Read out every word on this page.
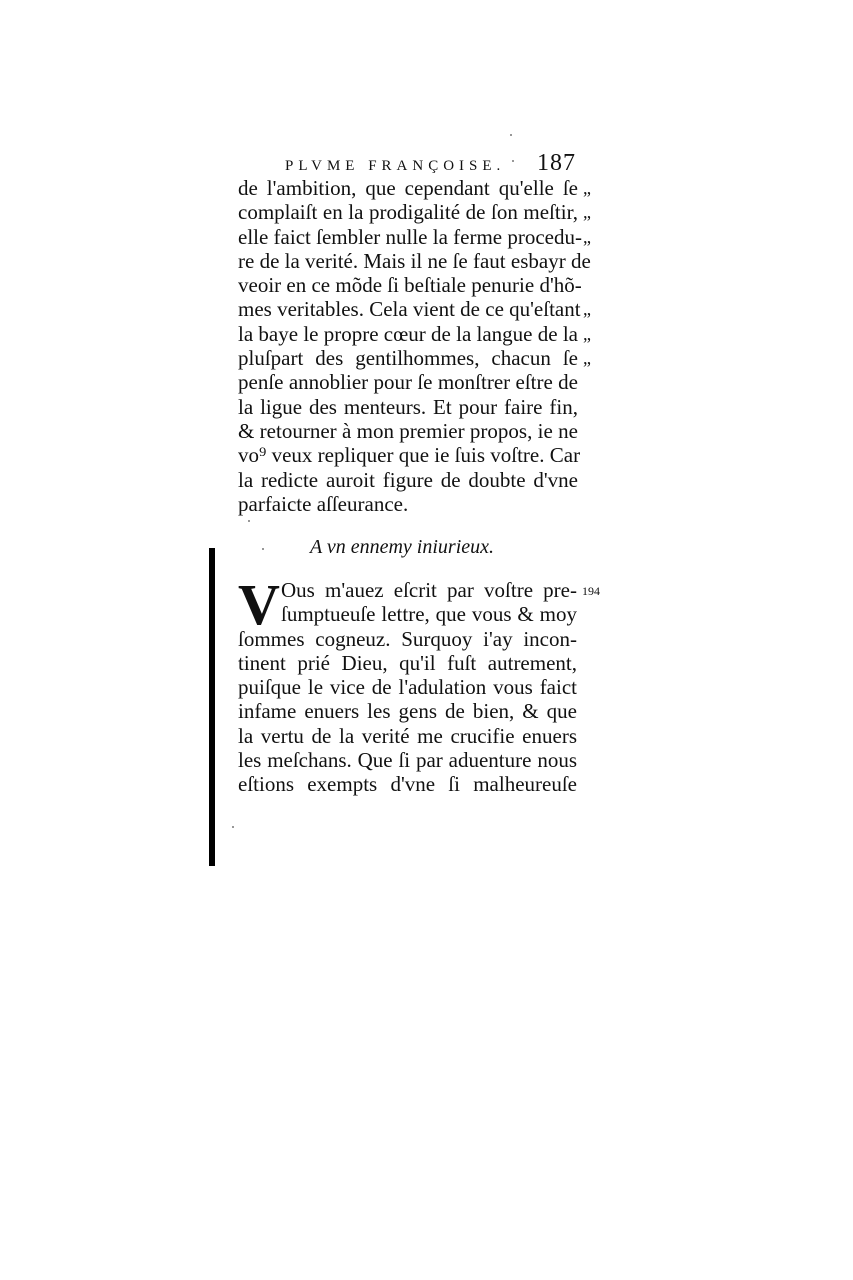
PLVME FRANÇOISE. 187
de l'ambition, que cependant qu'elle ſe „
complaiſt en la prodigalité de ſon meſtir, „
elle faict ſembler nulle la ferme procedu- „
re de la verité. Mais il ne ſe faut esbayr de
veoir en ce mõde ſi beſtiale penurie d'hõ-
mes veritables. Cela vient de ce qu'eſtant „
la baye le propre cœur de la langue de la „
pluſpart des gentilhommes, chacun ſe „
penſe annoblier pour ſe monſtrer eſtre de
la ligue des menteurs. Et pour faire fin,
& retourner à mon premier propos, ie ne
vo⁹ veux repliquer que ie ſuis voſtre. Car
la redicte auroit figure de doubte d'vne
parfaicte aſſeurance.
A vn ennemy iniurieux.
V	194
Ous m'auez eſcrit par voſtre pre-
ſumptueuſe lettre, que vous & moy
ſommes cogneuz. Surquoy i'ay incon-
tinent prié Dieu, qu'il fuſt autrement,
puiſque le vice de l'adulation vous faict
infame enuers les gens de bien, & que
la vertu de la verité me crucifie enuers
les meſchans. Que ſi par aduenture nous
eſtions exempts d'vne ſi malheureuſe
